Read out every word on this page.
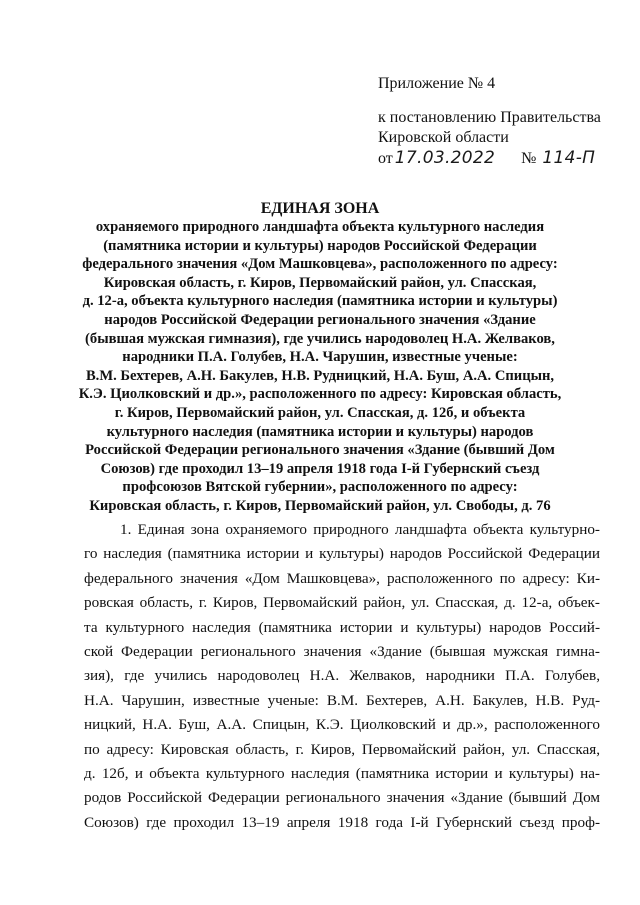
Приложение № 4
к постановлению Правительства
Кировской области
от 17.03.2022 № 114-П
ЕДИНАЯ ЗОНА
охраняемого природного ландшафта объекта культурного наследия
(памятника истории и культуры) народов Российской Федерации
федерального значения «Дом Машковцева», расположенного по адресу:
Кировская область, г. Киров, Первомайский район, ул. Спасская,
д. 12-а, объекта культурного наследия (памятника истории и культуры)
народов Российской Федерации регионального значения «Здание
(бывшая мужская гимназия), где учились народоволец Н.А. Желваков,
народники П.А. Голубев, Н.А. Чарушин, известные ученые:
В.М. Бехтерев, А.Н. Бакулев, Н.В. Рудницкий, Н.А. Буш, А.А. Спицын,
К.Э. Циолковский и др.», расположенного по адресу: Кировская область,
г. Киров, Первомайский район, ул. Спасская, д. 12б, и объекта
культурного наследия (памятника истории и культуры) народов
Российской Федерации регионального значения «Здание (бывший Дом
Союзов) где проходил 13–19 апреля 1918 года I-й Губернский съезд
профсоюзов Вятской губернии», расположенного по адресу:
Кировская область, г. Киров, Первомайский район, ул. Свободы, д. 76
1. Единая зона охраняемого природного ландшафта объекта культурно-
го наследия (памятника истории и культуры) народов Российской Федерации
федерального значения «Дом Машковцева», расположенного по адресу: Ки-
ровская область, г. Киров, Первомайский район, ул. Спасская, д. 12-а, объек-
та культурного наследия (памятника истории и культуры) народов Россий-
ской Федерации регионального значения «Здание (бывшая мужская гимна-
зия), где учились народоволец Н.А. Желваков, народники П.А. Голубев,
Н.А. Чарушин, известные ученые: В.М. Бехтерев, А.Н. Бакулев, Н.В. Руд-
ницкий, Н.А. Буш, А.А. Спицын, К.Э. Циолковский и др.», расположенного
по адресу: Кировская область, г. Киров, Первомайский район, ул. Спасская,
д. 12б, и объекта культурного наследия (памятника истории и культуры) на-
родов Российской Федерации регионального значения «Здание (бывший Дом
Союзов) где проходил 13–19 апреля 1918 года I-й Губернский съезд проф-
